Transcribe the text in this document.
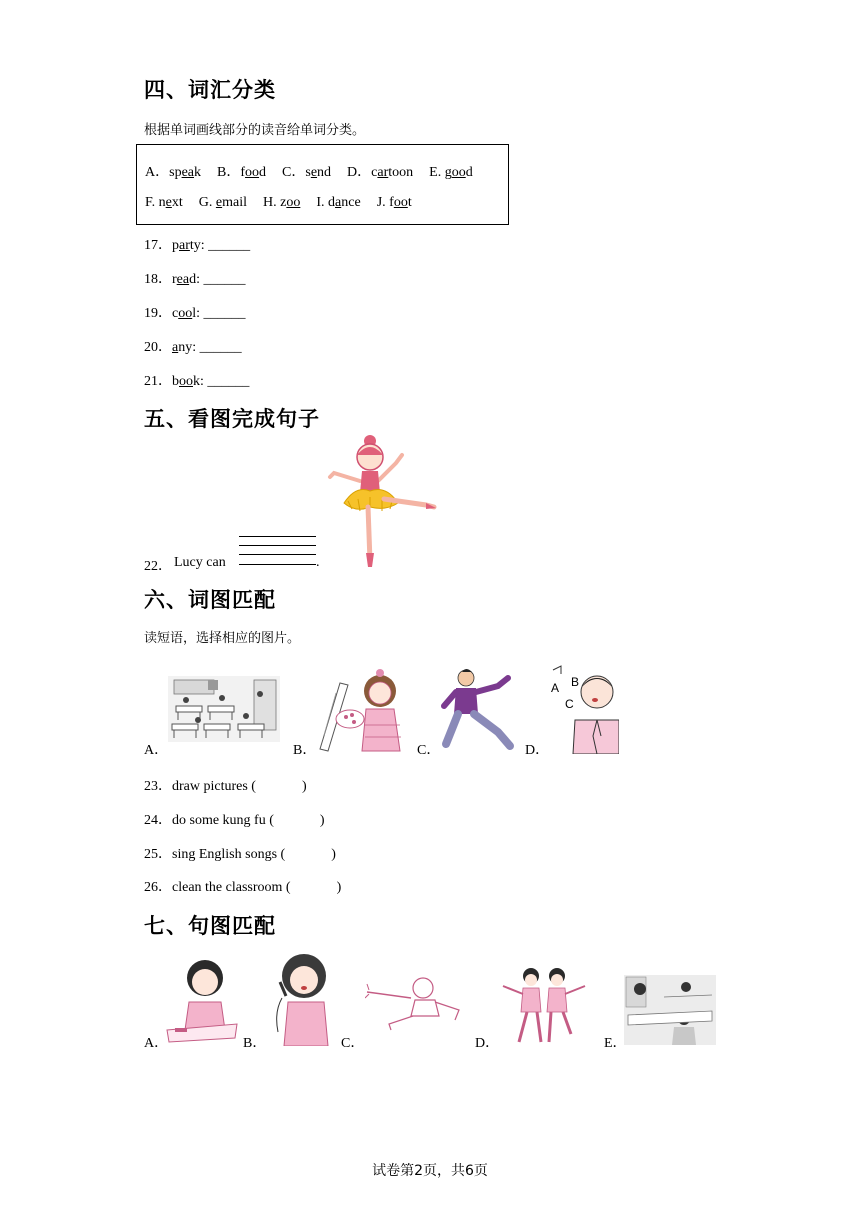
四、词汇分类
根据单词画线部分的读音给单词分类。
A．speak B．food C．send D．cartoon E. good
F. next G. email H. zoo I. dance J. foot
17．party: ______
18．read: ______
19．cool: ______
20．any: ______
21．book: ______
五、看图完成句子
22． Lucy can	.
六、词图匹配
读短语，选择相应的图片。
A．	B．	C．
A B
C
D．
23．draw pictures (	)
24．do some kung fu (	)
25．sing English songs (	)
26．clean the classroom (	)
七、句图匹配
A．	B．	C．	D．	E．
试卷第2页，共6页
